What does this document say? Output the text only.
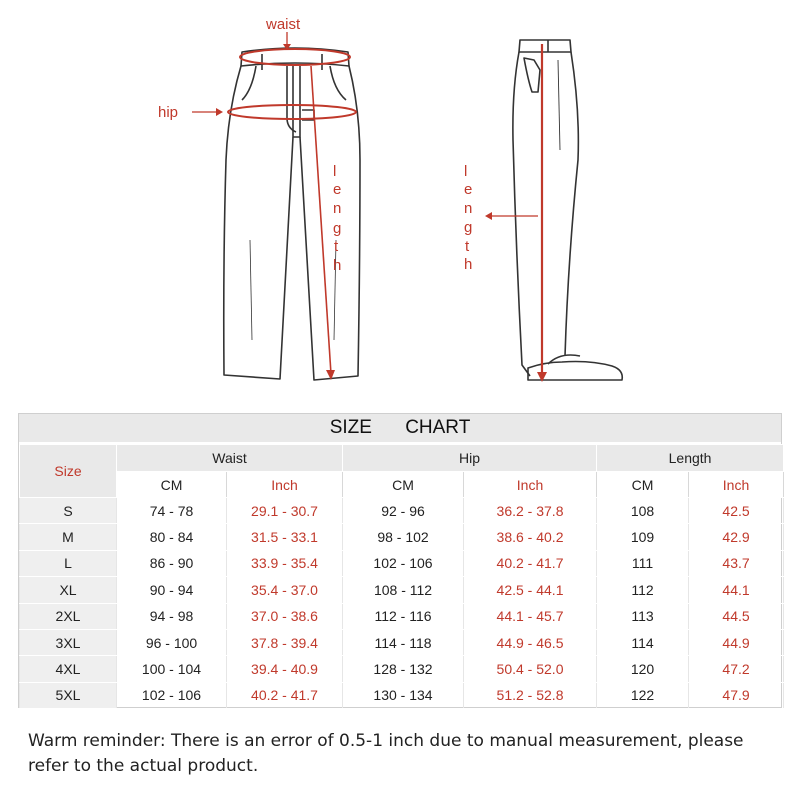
waist
hip
l
e
n
g
t
h
l
e
n
g
t
h
SIZE CHART
Size	Waist		Hip		Length	
	CM	Inch	CM	Inch	CM	Inch
S	74 - 78	29.1 - 30.7	92 - 96	36.2 - 37.8	108	42.5
M	80 - 84	31.5 - 33.1	98 - 102	38.6 - 40.2	109	42.9
L	86 - 90	33.9 - 35.4	102 - 106	40.2 - 41.7	111	43.7
XL	90 - 94	35.4 - 37.0	108 - 112	42.5 - 44.1	112	44.1
2XL	94 - 98	37.0 - 38.6	112 - 116	44.1 - 45.7	113	44.5
3XL	96 - 100	37.8 - 39.4	114 - 118	44.9 - 46.5	114	44.9
4XL	100 - 104	39.4 - 40.9	128 - 132	50.4 - 52.0	120	47.2
5XL	102 - 106	40.2 - 41.7	130 - 134	51.2 - 52.8	122	47.9
Warm reminder: There is an error of 0.5-1 inch due to manual measurement, please refer to the actual product.
